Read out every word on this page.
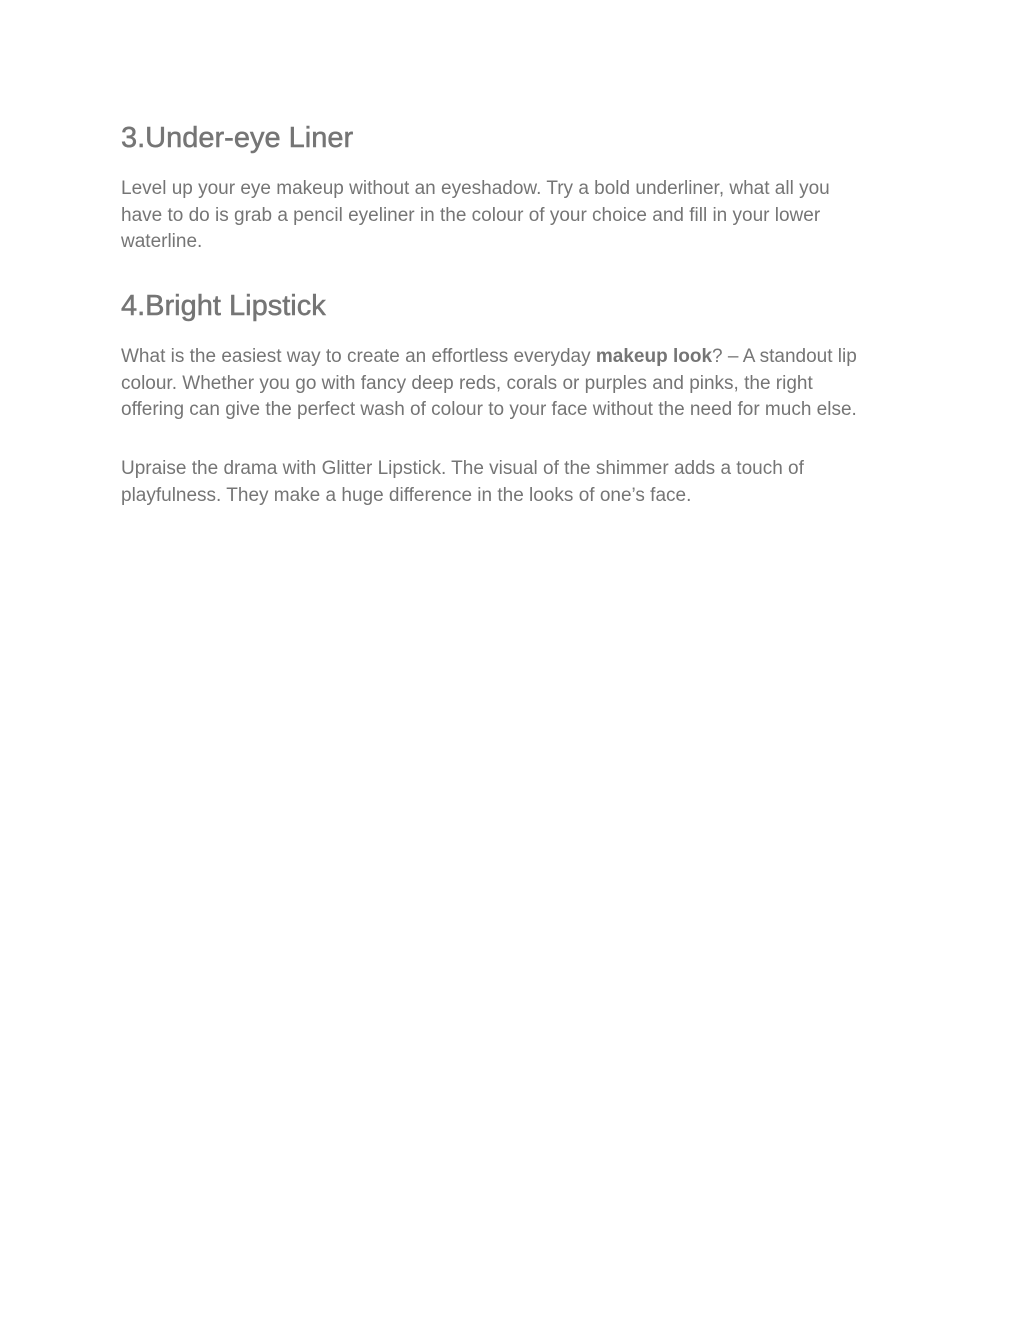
3.Under-eye Liner

Level up your eye makeup without an eyeshadow. Try a bold underliner, what all you
have to do is grab a pencil eyeliner in the colour of your choice and fill in your lower
waterline.

4.Bright Lipstick

What is the easiest way to create an effortless everyday makeup look? – A standout lip
colour. Whether you go with fancy deep reds, corals or purples and pinks, the right
offering can give the perfect wash of colour to your face without the need for much else.

Upraise the drama with Glitter Lipstick. The visual of the shimmer adds a touch of
playfulness. They make a huge difference in the looks of one’s face.
